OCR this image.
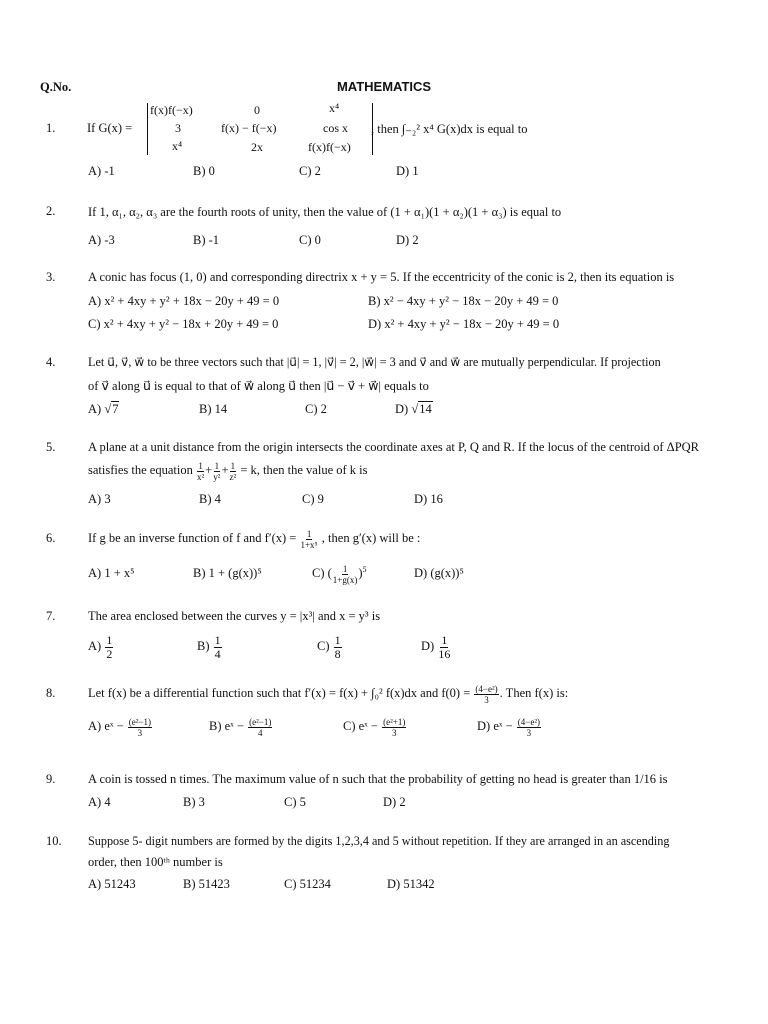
Q.No.	MATHEMATICS
1.	If G(x) =
f(x)f(−x)	0	x⁴
3	f(x) − f(−x)	cos x
x⁴	2x	f(x)f(−x)
, then ∫₋₂² x⁴ G(x)dx is equal to
A) -1	B) 0	C) 2	D) 1
2.	If 1, α₁, α₂, α₃ are the fourth roots of unity, then the value of (1 + α₁)(1 + α₂)(1 + α₃) is equal to
A) -3	B) -1	C) 0	D) 2
3.	A conic has focus (1, 0) and corresponding directrix x + y = 5. If the eccentricity of the conic is 2, then its equation is
A) x² + 4xy + y² + 18x − 20y + 49 = 0	B) x² − 4xy + y² − 18x − 20y + 49 = 0
C) x² + 4xy + y² − 18x + 20y + 49 = 0	D) x² + 4xy + y² − 18x − 20y + 49 = 0
4.	Let u⃗, v⃗, w⃗ to be three vectors such that |u⃗| = 1, |v⃗| = 2, |w⃗| = 3 and v⃗ and w⃗ are mutually perpendicular. If projection
of v⃗ along u⃗ is equal to that of w⃗ along u⃗ then |u⃗ − v⃗ + w⃗| equals to
A) √7	B) 14	C) 2	D) √14
5.	A plane at a unit distance from the origin intersects the coordinate axes at P, Q and R. If the locus of the centroid of ΔPQR
satisfies the equation $\frac{1}{\text{x²}} + \frac{1}{\text{y²}} + \frac{1}{\text{z²}} = k$, then the value of k is
A) 3	B) 4	C) 9	D) 16
6.	If g be an inverse function of f and $f'(x) = \frac{1}{\text{1+x⁵}}$ , then g′(x) will be :
A) 1 + x⁵	B) 1 + (g(x))⁵	C) ( $\frac{1}{1+g(x)} )^5$	D) (g(x))⁵
7.	The area enclosed between the curves y = |x³| and x = y³ is
$A) \frac{1}{2}$	$B) \frac{1}{4}$	$C) \frac{1}{8}$	$D) \frac{1}{16}$
8.	Let f(x) be a differential function such that f′(x) = f(x) + ∫₀² f(x)dx and $f(0) = \frac{\text{(4−e²)}}{3}$ . Then f(x) is:
A) eˣ − $\frac{\text{(e²−1)}}{3}$	B) eˣ − $\frac{\text{(e²−1)}}{4}$	C) eˣ − $\frac{\text{(e²+1)}}{3}$	D) eˣ − $\frac{\text{(4−e²)}}{3}$
9.	A coin is tossed n times. The maximum value of n such that the probability of getting no head is greater than 1/16 is
A) 4	B) 3	C) 5	D) 2
10.	Suppose 5- digit numbers are formed by the digits 1,2,3,4 and 5 without repetition. If they are arranged in an ascending
order, then 100ᵗʰ number is
A) 51243	B) 51423	C) 51234	D) 51342
